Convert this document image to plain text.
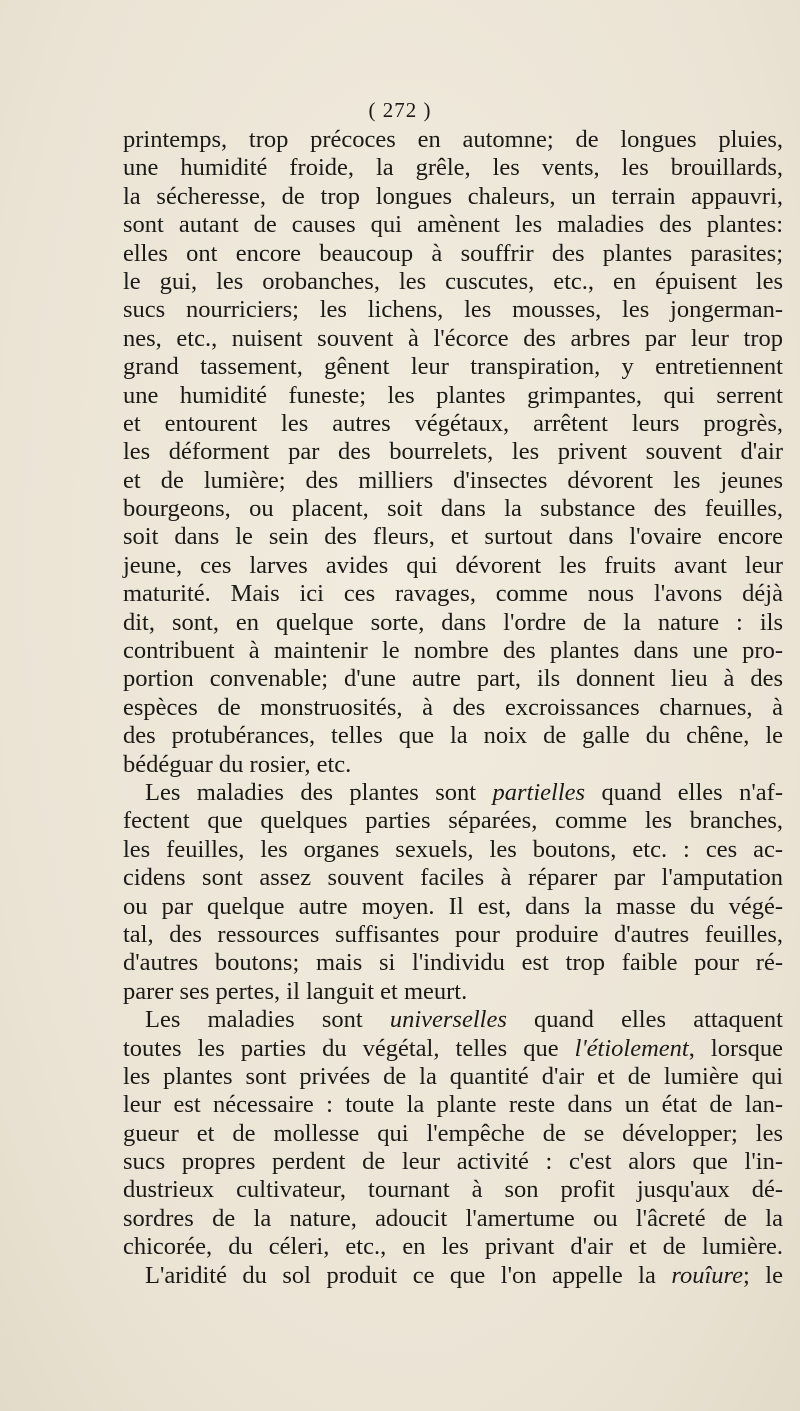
( 272 )
printemps, trop précoces en automne; de longues pluies,
une humidité froide, la grêle, les vents, les brouillards,
la sécheresse, de trop longues chaleurs, un terrain appauvri,
sont autant de causes qui amènent les maladies des plantes:
elles ont encore beaucoup à souffrir des plantes parasites;
le gui, les orobanches, les cuscutes, etc., en épuisent les
sucs nourriciers; les lichens, les mousses, les jongerman-
nes, etc., nuisent souvent à l'écorce des arbres par leur trop
grand tassement, gênent leur transpiration, y entretiennent
une humidité funeste; les plantes grimpantes, qui serrent
et entourent les autres végétaux, arrêtent leurs progrès,
les déforment par des bourrelets, les privent souvent d'air
et de lumière; des milliers d'insectes dévorent les jeunes
bourgeons, ou placent, soit dans la substance des feuilles,
soit dans le sein des fleurs, et surtout dans l'ovaire encore
jeune, ces larves avides qui dévorent les fruits avant leur
maturité. Mais ici ces ravages, comme nous l'avons déjà
dit, sont, en quelque sorte, dans l'ordre de la nature : ils
contribuent à maintenir le nombre des plantes dans une pro-
portion convenable; d'une autre part, ils donnent lieu à des
espèces de monstruosités, à des excroissances charnues, à
des protubérances, telles que la noix de galle du chêne, le
bédéguar du rosier, etc.
Les maladies des plantes sont partielles quand elles n'af-
fectent que quelques parties séparées, comme les branches,
les feuilles, les organes sexuels, les boutons, etc. : ces ac-
cidens sont assez souvent faciles à réparer par l'amputation
ou par quelque autre moyen. Il est, dans la masse du végé-
tal, des ressources suffisantes pour produire d'autres feuilles,
d'autres boutons; mais si l'individu est trop faible pour ré-
parer ses pertes, il languit et meurt.
Les maladies sont universelles quand elles attaquent
toutes les parties du végétal, telles que l'étiolement, lorsque
les plantes sont privées de la quantité d'air et de lumière qui
leur est nécessaire : toute la plante reste dans un état de lan-
gueur et de mollesse qui l'empêche de se développer; les
sucs propres perdent de leur activité : c'est alors que l'in-
dustrieux cultivateur, tournant à son profit jusqu'aux dé-
sordres de la nature, adoucit l'amertume ou l'âcreté de la
chicorée, du céleri, etc., en les privant d'air et de lumière.
L'aridité du sol produit ce que l'on appelle la rouîure; le
